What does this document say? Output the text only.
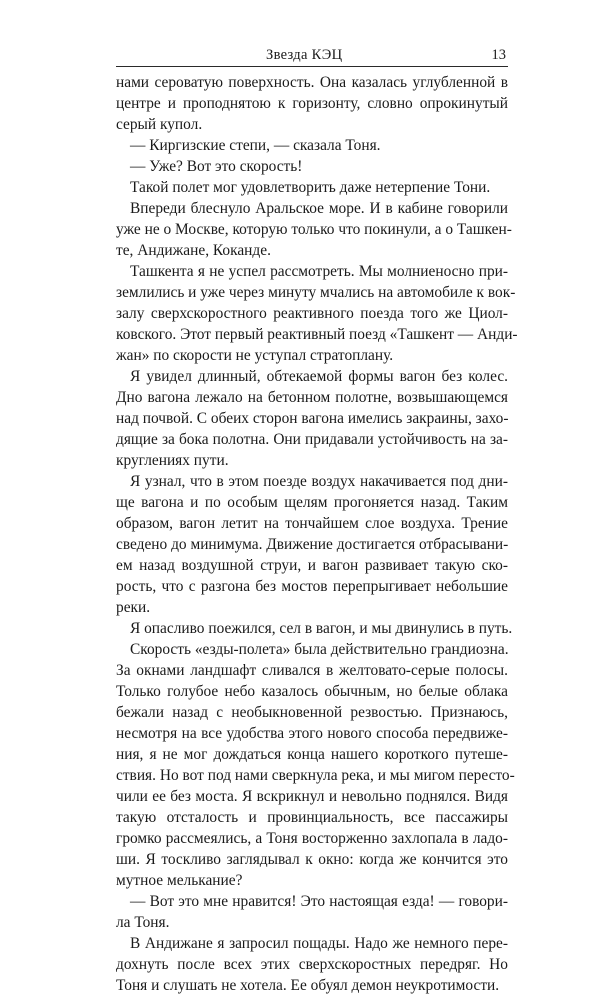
Звезда КЭЦ	13
нами сероватую поверхность. Она казалась углубленной в
центре и проподнятою к горизонту, словно опрокинутый
серый купол.
— Киргизские степи, — сказала Тоня.
— Уже? Вот это скорость!
Такой полет мог удовлетворить даже нетерпение Тони.
Впереди блеснуло Аральское море. И в кабине говорили
уже не о Москве, которую только что покинули, а о Ташкен-
те, Андижане, Коканде.
Ташкента я не успел рассмотреть. Мы молниеносно при-
землились и уже через минуту мчались на автомобиле к вок-
залу сверхскоростного реактивного поезда того же Циол-
ковского. Этот первый реактивный поезд «Ташкент — Анди-
жан» по скорости не уступал стратоплану.
Я увидел длинный, обтекаемой формы вагон без колес.
Дно вагона лежало на бетонном полотне, возвышающемся
над почвой. С обеих сторон вагона имелись закраины, захо-
дящие за бока полотна. Они придавали устойчивость на за-
круглениях пути.
Я узнал, что в этом поезде воздух накачивается под дни-
ще вагона и по особым щелям прогоняется назад. Таким
образом, вагон летит на тончайшем слое воздуха. Трение
сведено до минимума. Движение достигается отбрасывани-
ем назад воздушной струи, и вагон развивает такую ско-
рость, что с разгона без мостов перепрыгивает небольшие
реки.
Я опасливо поежился, сел в вагон, и мы двинулись в путь.
Скорость «езды-полета» была действительно грандиозна.
За окнами ландшафт сливался в желтовато-серые полосы.
Только голубое небо казалось обычным, но белые облака
бежали назад с необыкновенной резвостью. Признаюсь,
несмотря на все удобства этого нового способа передвиже-
ния, я не мог дождаться конца нашего короткого путеше-
ствия. Но вот под нами сверкнула река, и мы мигом пересто-
чили ее без моста. Я вскрикнул и невольно поднялся. Видя
такую отсталость и провинциальность, все пассажиры
громко рассмеялись, а Тоня восторженно захлопала в ладо-
ши. Я тоскливо заглядывал к окно: когда же кончится это
мутное мелькание?
— Вот это мне нравится! Это настоящая езда! — говори-
ла Тоня.
В Андижане я запросил пощады. Надо же немного пере-
дохнуть после всех этих сверхскоростных передряг. Но
Тоня и слушать не хотела. Ее обуял демон неукротимости.
